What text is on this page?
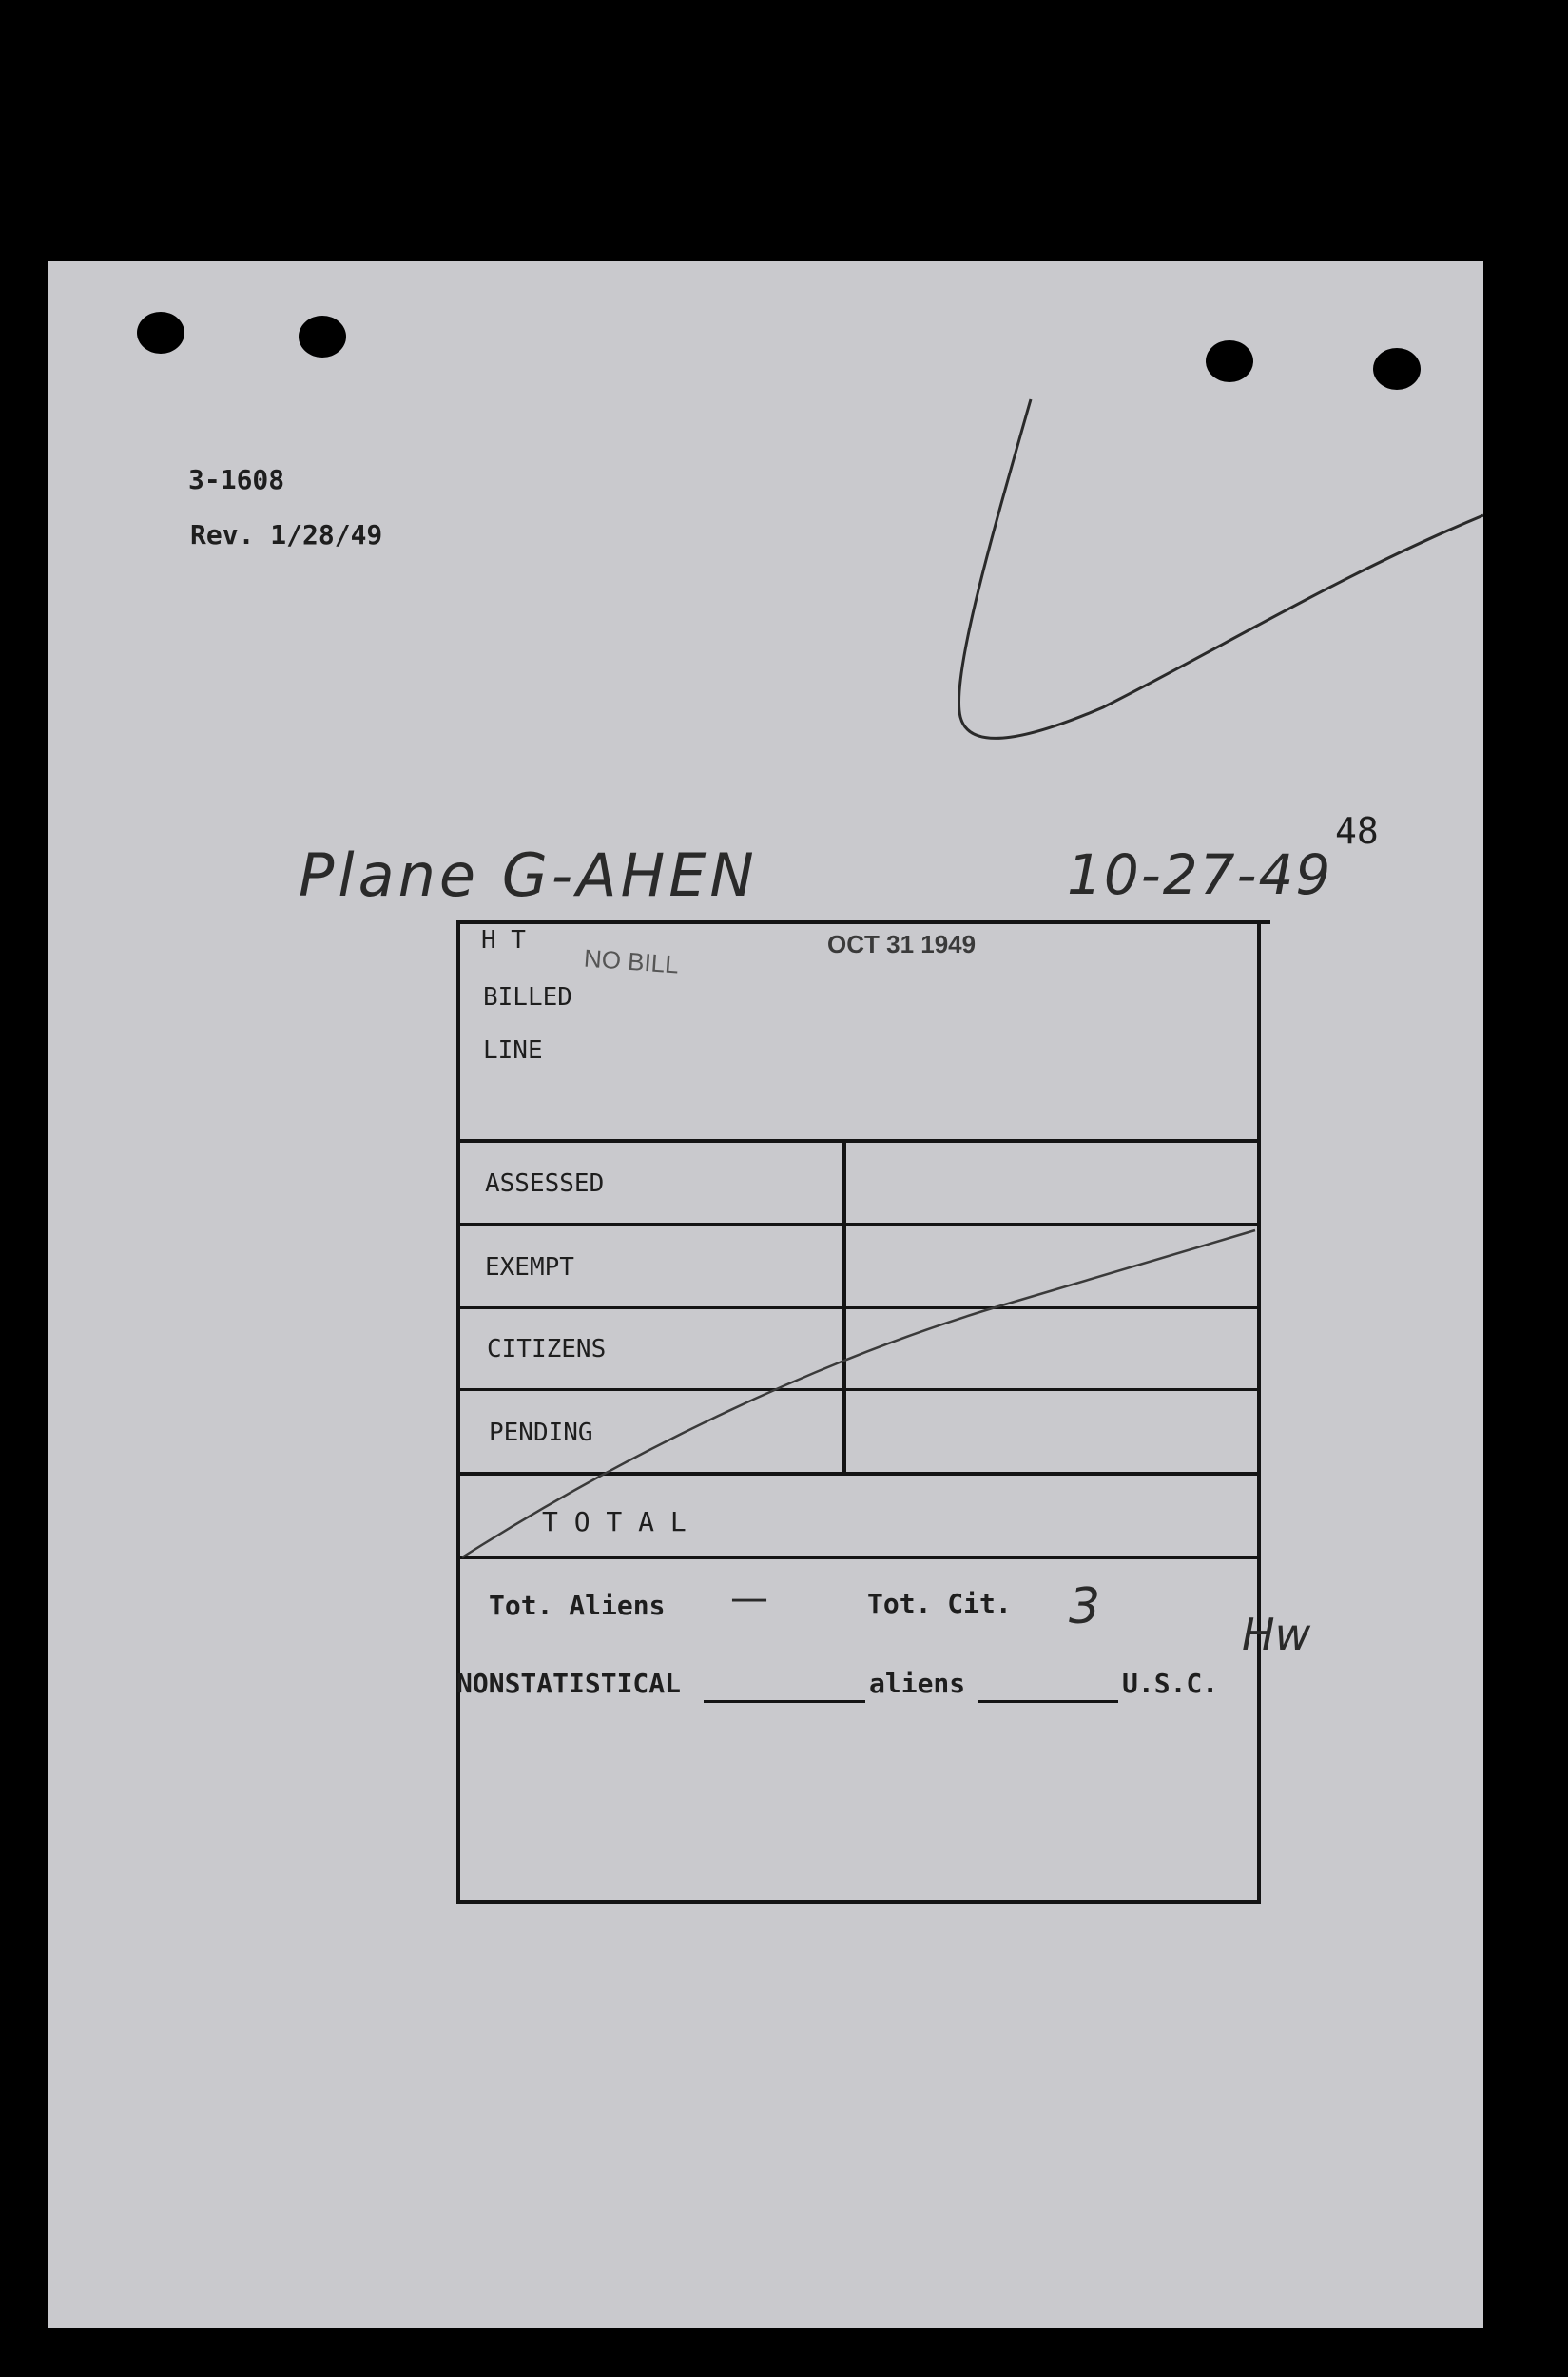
3-1608
Rev. 1/28/49
48
Plane G-AHEN	10-27-49
H T
BILLED
LINE
NO BILL	OCT 31 1949
ASSESSED
EXEMPT
CITIZENS
PENDING
T O T A L
Tot. Aliens —	Tot. Cit. 3	Hw
NONSTATISTICAL	aliens	U.S.C.
